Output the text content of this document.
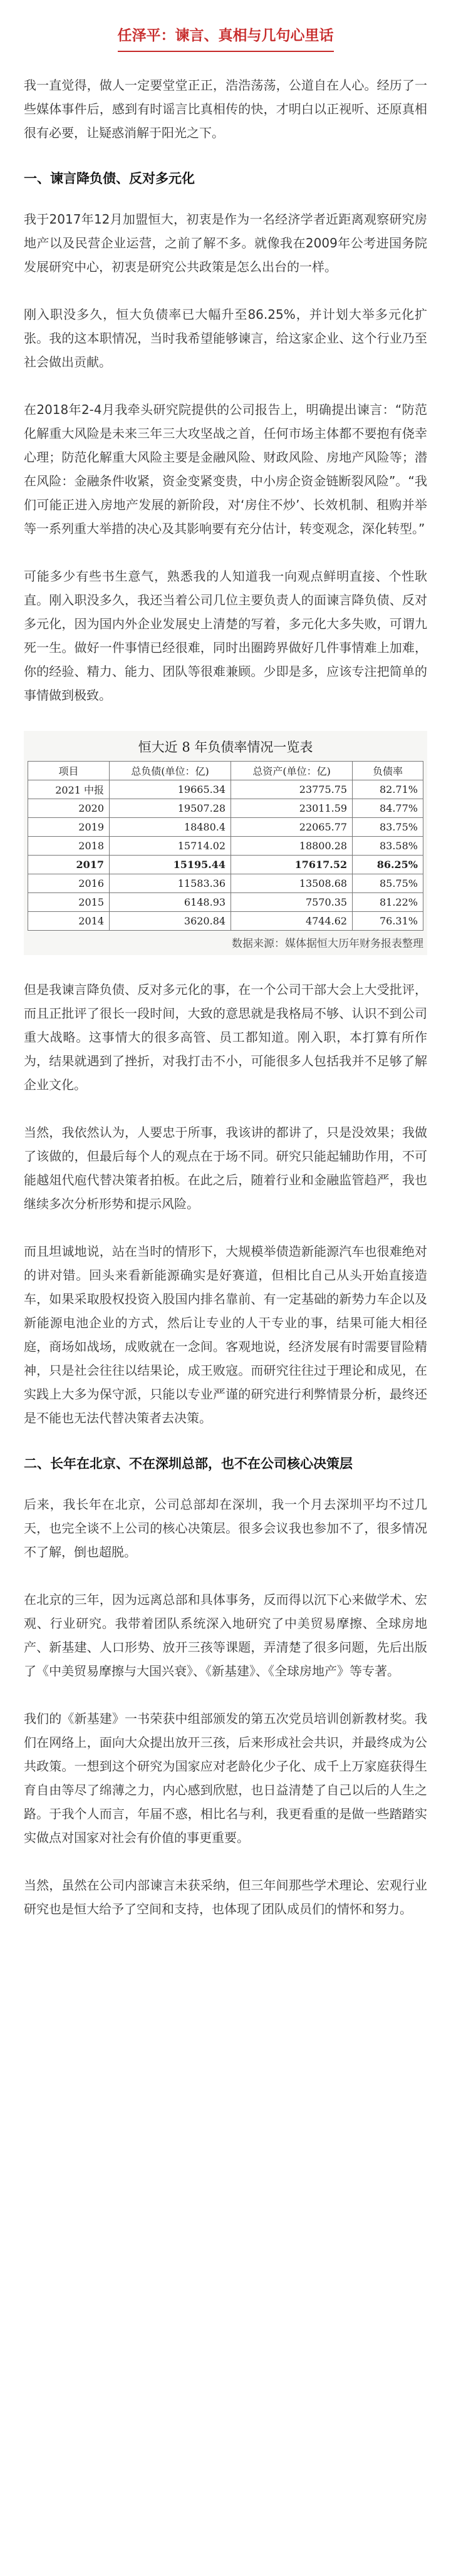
任泽平：谏言、真相与几句心里话

我一直觉得，做人一定要堂堂正正，浩浩荡荡，公道自在人心。经历了一些媒体事件后，感到有时谣言比真相传的快，才明白以正视听、还原真相很有必要，让疑惑消解于阳光之下。

一、谏言降负债、反对多元化

我于2017年12月加盟恒大，初衷是作为一名经济学者近距离观察研究房地产以及民营企业运营，之前了解不多。就像我在2009年公考进国务院发展研究中心，初衷是研究公共政策是怎么出台的一样。

刚入职没多久，恒大负债率已大幅升至86.25%，并计划大举多元化扩张。我的这本职情况，当时我希望能够谏言，给这家企业、这个行业乃至社会做出贡献。

在2018年2-4月我牵头研究院提供的公司报告上，明确提出谏言：“防范化解重大风险是未来三年三大攻坚战之首，任何市场主体都不要抱有侥幸心理；防范化解重大风险主要是金融风险、财政风险、房地产风险等；潜在风险：金融条件收紧，资金变紧变贵，中小房企资金链断裂风险”。“我们可能正进入房地产发展的新阶段，对‘房住不炒’、长效机制、租购并举等一系列重大举措的决心及其影响要有充分估计，转变观念，深化转型。”

可能多少有些书生意气，熟悉我的人知道我一向观点鲜明直接、个性耿直。刚入职没多久，我还当着公司几位主要负责人的面谏言降负债、反对多元化，因为国内外企业发展史上清楚的写着，多元化大多失败，可谓九死一生。做好一件事情已经很难，同时出圈跨界做好几件事情难上加难，你的经验、精力、能力、团队等很难兼顾。少即是多，应该专注把简单的事情做到极致。

恒大近 8 年负债率情况一览表
项目	总负债(单位：亿)	总资产(单位：亿)	负债率
2021 中报	19665.34	23775.75	82.71%
2020	19507.28	23011.59	84.77%
2019	18480.4	22065.77	83.75%
2018	15714.02	18800.28	83.58%
2017	15195.44	17617.52	86.25%
2016	11583.36	13508.68	85.75%
2015	6148.93	7570.35	81.22%
2014	3620.84	4744.62	76.31%
数据来源：媒体据恒大历年财务报表整理

但是我谏言降负债、反对多元化的事，在一个公司干部大会上大受批评，而且正批评了很长一段时间，大致的意思就是我格局不够、认识不到公司重大战略。这事情大的很多高管、员工都知道。刚入职，本打算有所作为，结果就遇到了挫折，对我打击不小，可能很多人包括我并不足够了解企业文化。

当然，我依然认为，人要忠于所事，我该讲的都讲了，只是没效果；我做了该做的，但最后每个人的观点在于场不同。研究只能起辅助作用，不可能越俎代庖代替决策者拍板。在此之后，随着行业和金融监管趋严，我也继续多次分析形势和提示风险。

而且坦诚地说，站在当时的情形下，大规模举债造新能源汽车也很难绝对的讲对错。回头来看新能源确实是好赛道，但相比自己从头开始直接造车，如果采取股权投资入股国内排名靠前、有一定基础的新势力车企以及新能源电池企业的方式，然后让专业的人干专业的事，结果可能大相径庭，商场如战场，成败就在一念间。客观地说，经济发展有时需要冒险精神，只是社会往往以结果论，成王败寇。而研究往往过于理论和成见，在实践上大多为保守派，只能以专业严谨的研究进行利弊情景分析，最终还是不能也无法代替决策者去决策。

二、长年在北京、不在深圳总部，也不在公司核心决策层

后来，我长年在北京，公司总部却在深圳，我一个月去深圳平均不过几天，也完全谈不上公司的核心决策层。很多会议我也参加不了，很多情况不了解，倒也超脱。

在北京的三年，因为远离总部和具体事务，反而得以沉下心来做学术、宏观、行业研究。我带着团队系统深入地研究了中美贸易摩擦、全球房地产、新基建、人口形势、放开三孩等课题，弄清楚了很多问题，先后出版了《中美贸易摩擦与大国兴衰》、《新基建》、《全球房地产》等专著。

我们的《新基建》一书荣获中组部颁发的第五次党员培训创新教材奖。我们在网络上，面向大众提出放开三孩，后来形成社会共识，并最终成为公共政策。一想到这个研究为国家应对老龄化少子化、成千上万家庭获得生育自由等尽了绵薄之力，内心感到欣慰，也日益清楚了自己以后的人生之路。于我个人而言，年届不惑，相比名与利，我更看重的是做一些踏踏实实做点对国家对社会有价值的事更重要。

当然，虽然在公司内部谏言未获采纳，但三年间那些学术理论、宏观行业研究也是恒大给予了空间和支持，也体现了团队成员们的情怀和努力。
